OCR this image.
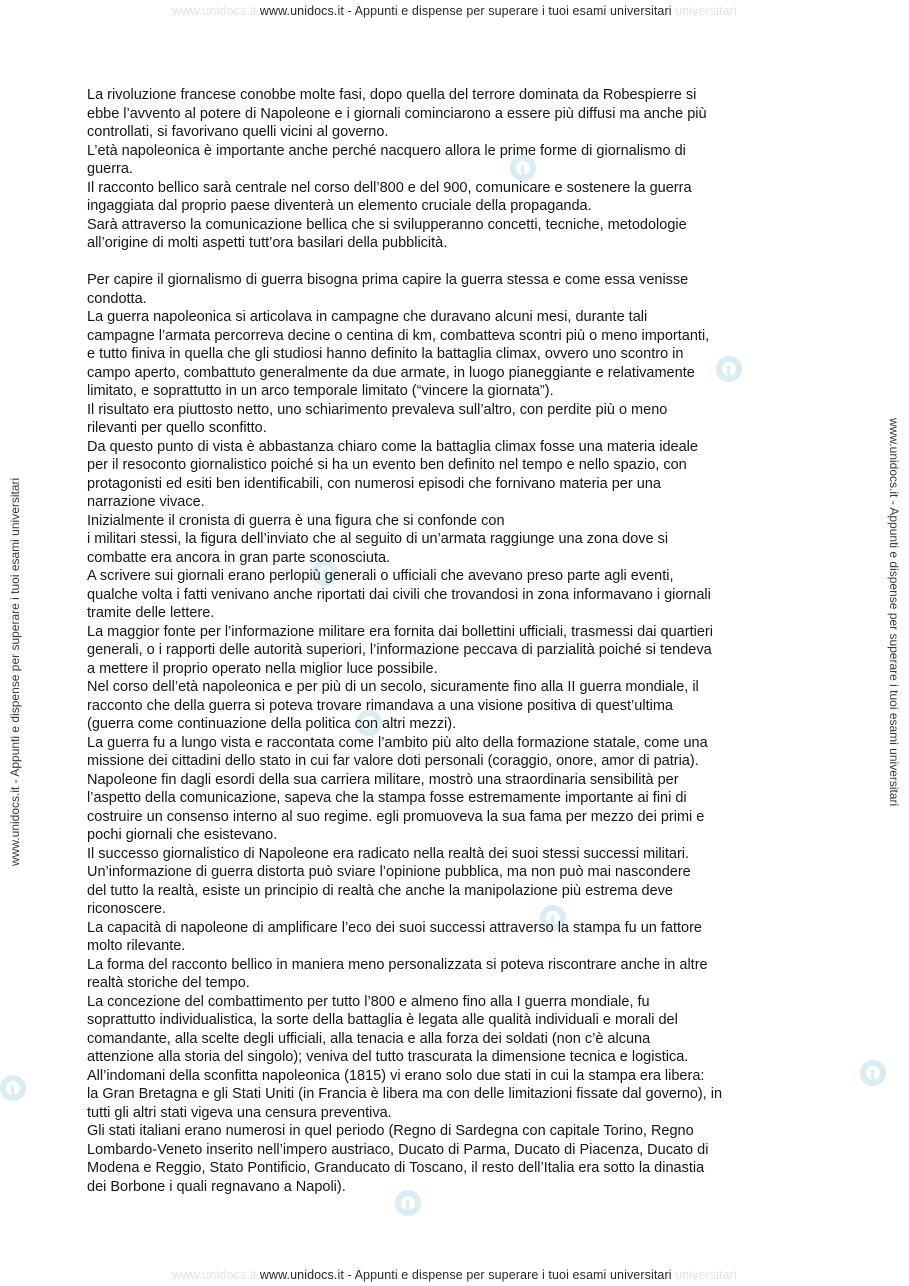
www.unidocs.it www.unidocs.it - Appunti e dispense per superare i tuoi esami universitari universitari
www.unidocs.it - Appunti e dispense per superare i tuoi esami universitari	www.unidocs.it - Appunti e dispense per superare i tuoi esami universitari

La rivoluzione francese conobbe molte fasi, dopo quella del terrore dominata da Robespierre si

ebbe l’avvento al potere di Napoleone e i giornali cominciarono a essere più diffusi ma anche più

controllati, si favorivano quelli vicini al governo.

L’età napoleonica è importante anche perché nacquero allora le prime forme di giornalismo di

guerra.

Il racconto bellico sarà centrale nel corso dell’800 e del 900, comunicare e sostenere la guerra

ingaggiata dal proprio paese diventerà un elemento cruciale della propaganda.

Sarà attraverso la comunicazione bellica che si svilupperanno concetti, tecniche, metodologie

all’origine di molti aspetti tutt’ora basilari della pubblicità.

Per capire il giornalismo di guerra bisogna prima capire la guerra stessa e come essa venisse

condotta.

La guerra napoleonica si articolava in campagne che duravano alcuni mesi, durante tali

campagne l’armata percorreva decine o centina di km, combatteva scontri più o meno importanti,

e tutto finiva in quella che gli studiosi hanno definito la battaglia climax, ovvero uno scontro in

campo aperto, combattuto generalmente da due armate, in luogo pianeggiante e relativamente

limitato, e soprattutto in un arco temporale limitato (“vincere la giornata”).

Il risultato era piuttosto netto, uno schiarimento prevaleva sull’altro, con perdite più o meno

rilevanti per quello sconfitto.

Da questo punto di vista è abbastanza chiaro come la battaglia climax fosse una materia ideale

per il resoconto giornalistico poiché si ha un evento ben definito nel tempo e nello spazio, con

protagonisti ed esiti ben identificabili, con numerosi episodi che fornivano materia per una

narrazione vivace.

Inizialmente il cronista di guerra è una figura che si confonde con

i militari stessi, la figura dell’inviato che al seguito di un’armata raggiunge una zona dove si

combatte era ancora in gran parte sconosciuta.

A scrivere sui giornali erano perlopiù generali o ufficiali che avevano preso parte agli eventi,

qualche volta i fatti venivano anche riportati dai civili che trovandosi in zona informavano i giornali

tramite delle lettere.

La maggior fonte per l’informazione militare era fornita dai bollettini ufficiali, trasmessi dai quartieri

generali, o i rapporti delle autorità superiori, l’informazione peccava di parzialità poiché si tendeva

a mettere il proprio operato nella miglior luce possibile.

Nel corso dell’età napoleonica e per più di un secolo, sicuramente fino alla II guerra mondiale, il

racconto che della guerra si poteva trovare rimandava a una visione positiva di quest’ultima

(guerra come continuazione della politica con altri mezzi).

La guerra fu a lungo vista e raccontata come l’ambito più alto della formazione statale, come una

missione dei cittadini dello stato in cui far valore doti personali (coraggio, onore, amor di patria).

Napoleone fin dagli esordi della sua carriera militare, mostrò una straordinaria sensibilità per

l’aspetto della comunicazione, sapeva che la stampa fosse estremamente importante ai fini di

costruire un consenso interno al suo regime. egli promuoveva la sua fama per mezzo dei primi e

pochi giornali che esistevano.

Il successo giornalistico di Napoleone era radicato nella realtà dei suoi stessi successi militari.

Un’informazione di guerra distorta può sviare l’opinione pubblica, ma non può mai nascondere

del tutto la realtà, esiste un principio di realtà che anche la manipolazione più estrema deve

riconoscere.

La capacità di napoleone di amplificare l’eco dei suoi successi attraverso la stampa fu un fattore

molto rilevante.

La forma del racconto bellico in maniera meno personalizzata si poteva riscontrare anche in altre

realtà storiche del tempo.

La concezione del combattimento per tutto l’800 e almeno fino alla I guerra mondiale, fu

soprattutto individualistica, la sorte della battaglia è legata alle qualità individuali e morali del

comandante, alla scelte degli ufficiali, alla tenacia e alla forza dei soldati (non c’è alcuna

attenzione alla storia del singolo); veniva del tutto trascurata la dimensione tecnica e logistica.

All’indomani della sconfitta napoleonica (1815) vi erano solo due stati in cui la stampa era libera:

la Gran Bretagna e gli Stati Uniti (in Francia è libera ma con delle limitazioni fissate dal governo), in

tutti gli altri stati vigeva una censura preventiva.

Gli stati italiani erano numerosi in quel periodo (Regno di Sardegna con capitale Torino, Regno

Lombardo-Veneto inserito nell’impero austriaco, Ducato di Parma, Ducato di Piacenza, Ducato di

Modena e Reggio, Stato Pontificio, Granducato di Toscano, il resto dell’Italia era sotto la dinastia

dei Borbone i quali regnavano a Napoli).

www.unidocs.it www.unidocs.it - Appunti e dispense per superare i tuoi esami universitari universitari
